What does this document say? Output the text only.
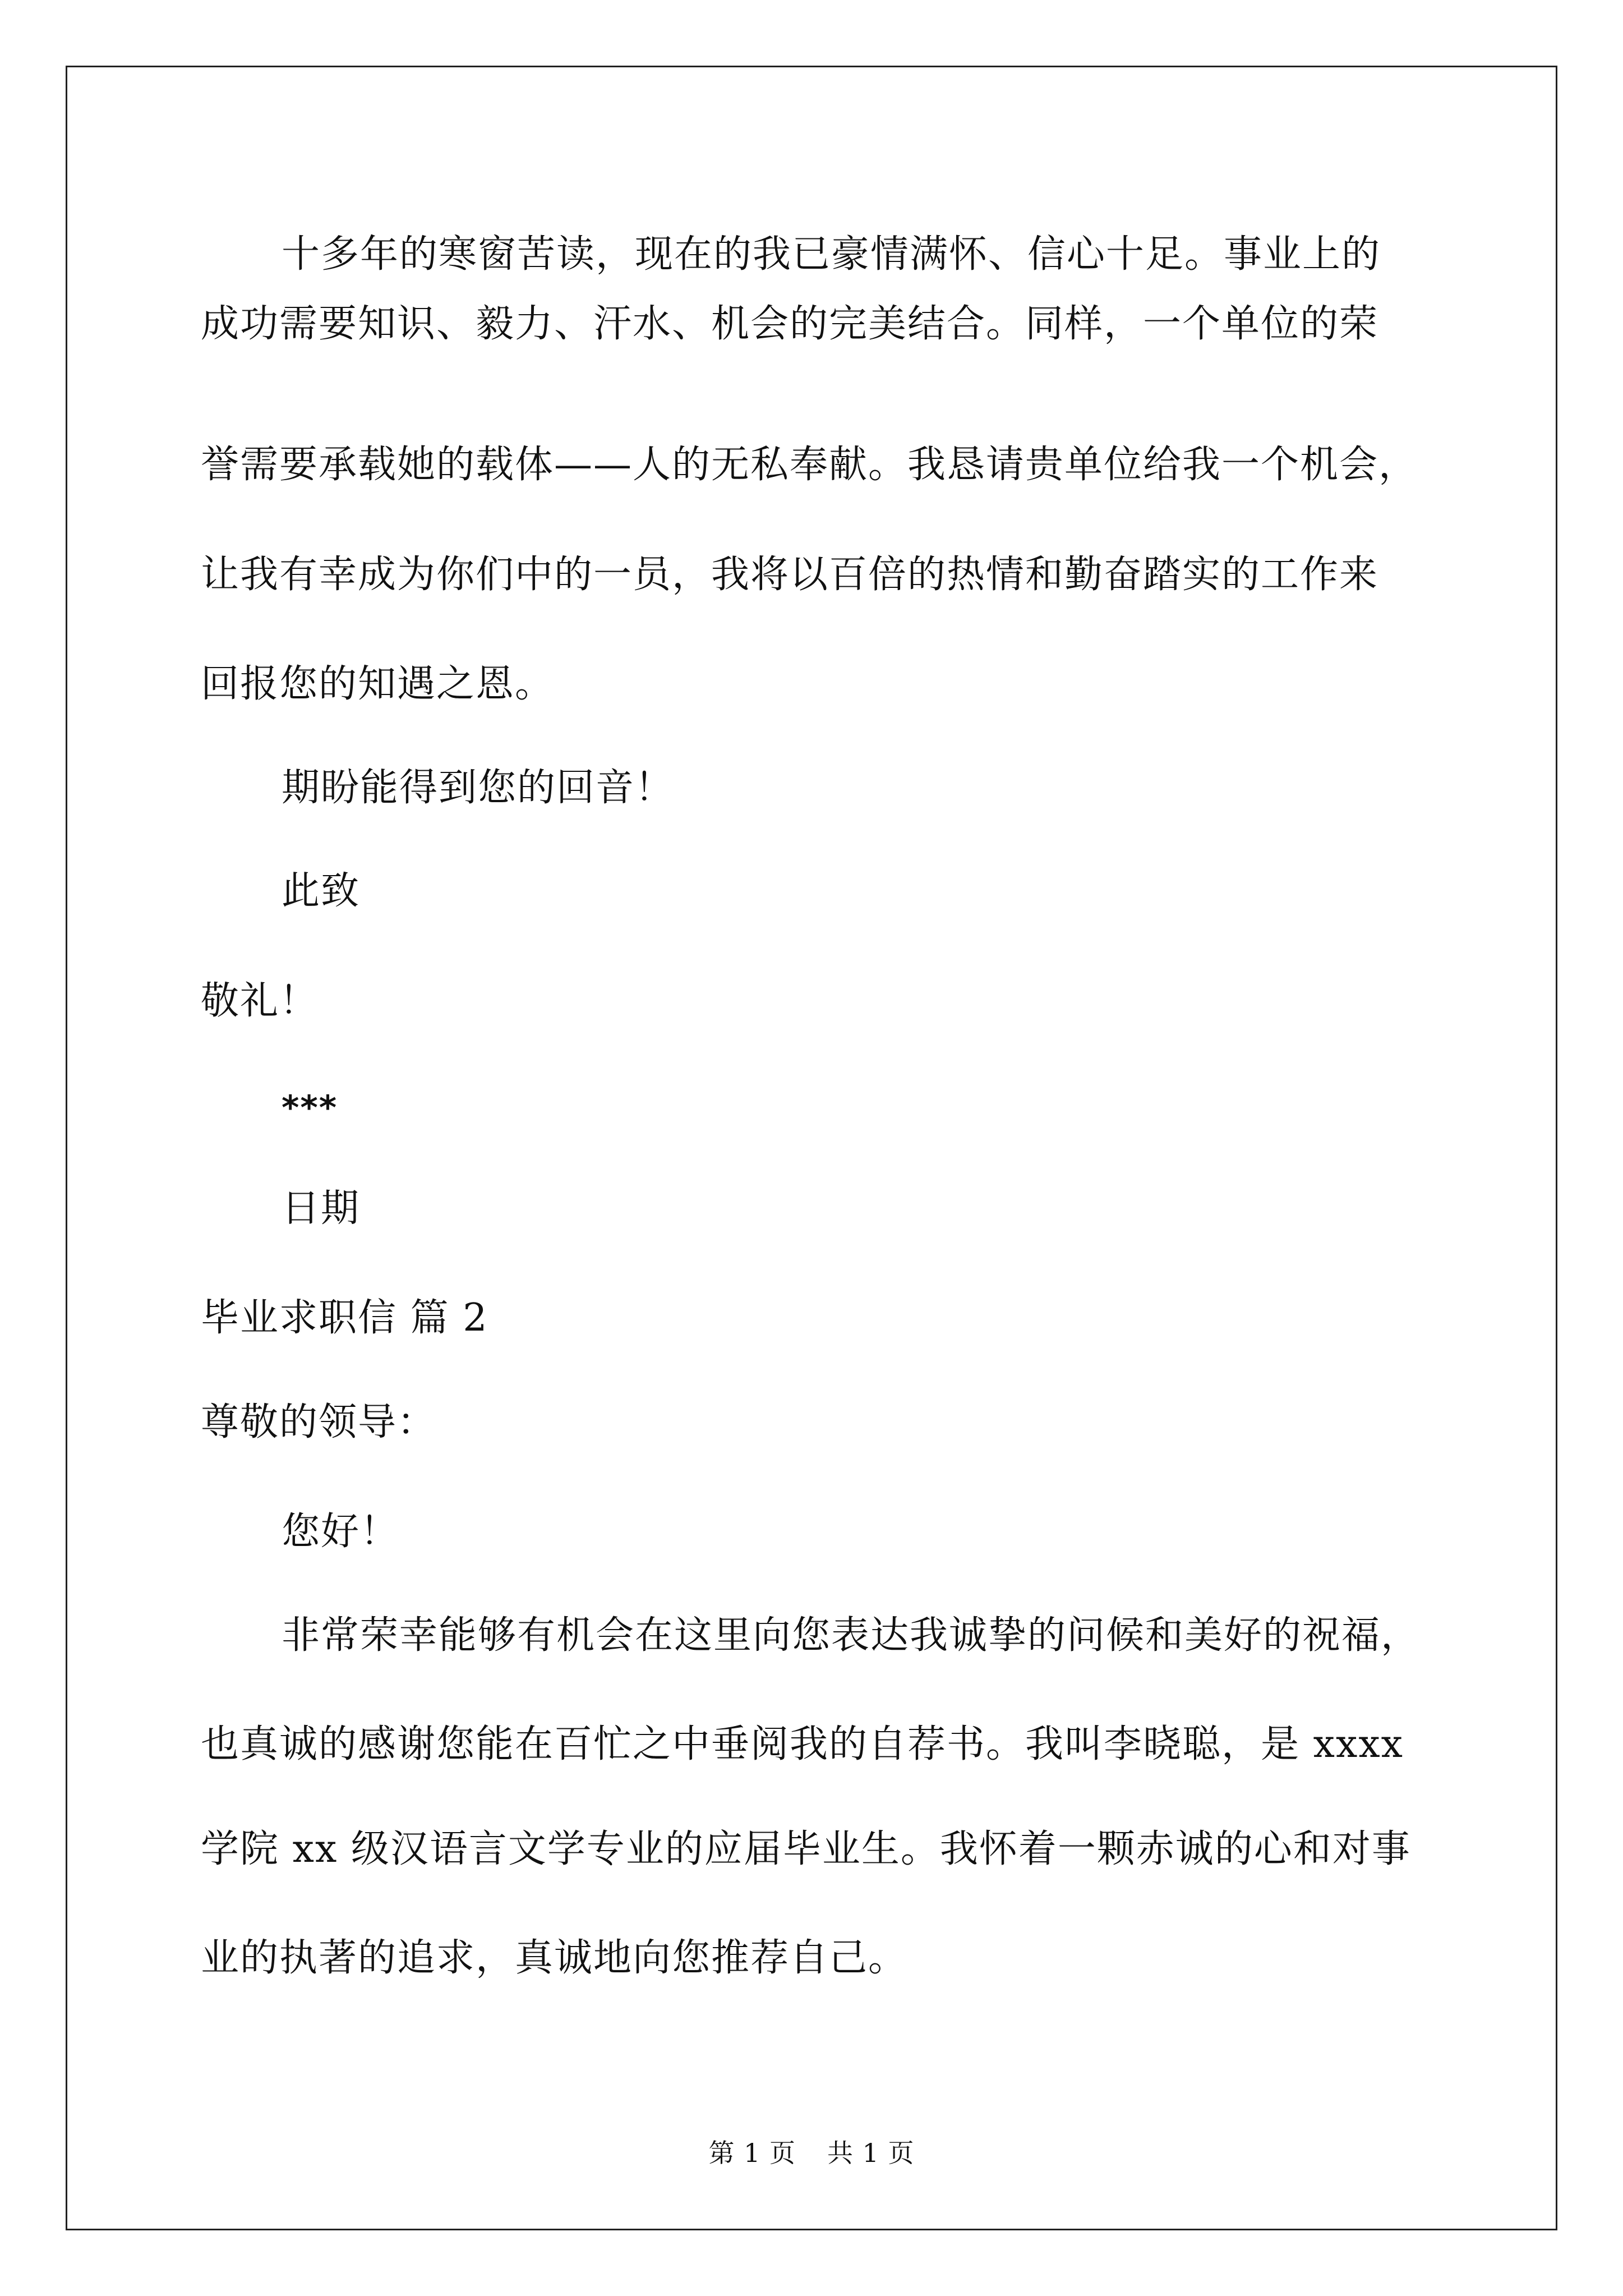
十多年的寒窗苦读，现在的我已豪情满怀、信心十足。事业上的
成功需要知识、毅力、汗水、机会的完美结合。同样，一个单位的荣
誉需要承载她的载体——人的无私奉献。我恳请贵单位给我一个机会，
让我有幸成为你们中的一员，我将以百倍的热情和勤奋踏实的工作来
回报您的知遇之恩。
期盼能得到您的回音！
此致
敬礼！
***
日期
毕业求职信 篇 2
尊敬的领导：
您好！
非常荣幸能够有机会在这里向您表达我诚挚的问候和美好的祝福，
也真诚的感谢您能在百忙之中垂阅我的自荐书。我叫李晓聪，是 xxxx
学院 xx 级汉语言文学专业的应届毕业生。我怀着一颗赤诚的心和对事
业的执著的追求，真诚地向您推荐自己。
第 1 页 共 1 页
